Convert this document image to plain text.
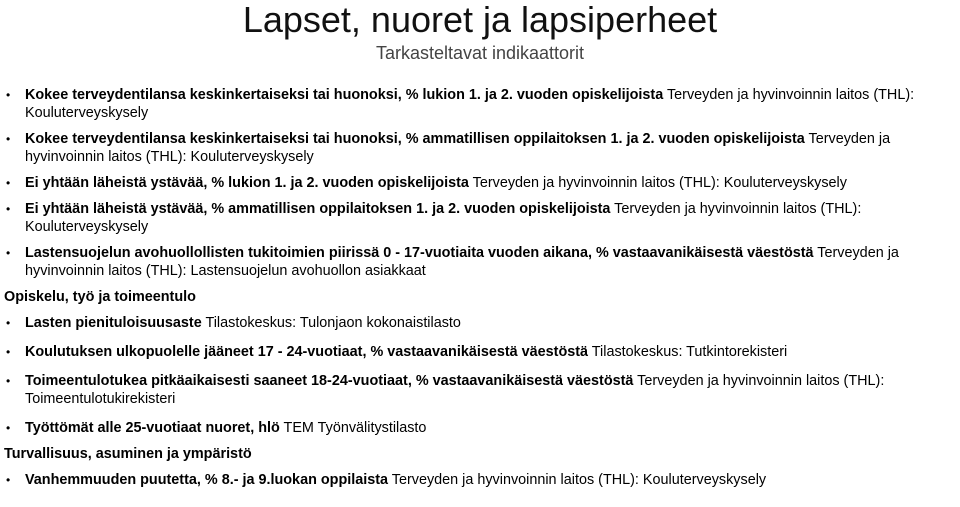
Lapset, nuoret ja lapsiperheet
Tarkasteltavat indikaattorit
• Kokee terveydentilansa keskinkertaiseksi tai huonoksi, % lukion 1. ja 2. vuoden opiskelijoista Terveyden ja hyvinvoinnin laitos (THL): Kouluterveyskysely
• Kokee terveydentilansa keskinkertaiseksi tai huonoksi, % ammatillisen oppilaitoksen 1. ja 2. vuoden opiskelijoista Terveyden ja hyvinvoinnin laitos (THL): Kouluterveyskysely
• Ei yhtään läheistä ystävää, % lukion 1. ja 2. vuoden opiskelijoista Terveyden ja hyvinvoinnin laitos (THL): Kouluterveyskysely
• Ei yhtään läheistä ystävää, % ammatillisen oppilaitoksen 1. ja 2. vuoden opiskelijoista Terveyden ja hyvinvoinnin laitos (THL): Kouluterveyskysely
• Lastensuojelun avohuollollisten tukitoimien piirissä 0 - 17-vuotiaita vuoden aikana, % vastaavanikäisestä väestöstä Terveyden ja hyvinvoinnin laitos (THL): Lastensuojelun avohuollon asiakkaat
Opiskelu, työ ja toimeentulo
• Lasten pienituloisuusaste Tilastokeskus: Tulonjaon kokonaistilasto
• Koulutuksen ulkopuolelle jääneet 17 - 24-vuotiaat, % vastaavanikäisestä väestöstä Tilastokeskus: Tutkintorekisteri
• Toimeentulotukea pitkäaikaisesti saaneet 18-24-vuotiaat, % vastaavanikäisestä väestöstä Terveyden ja hyvinvoinnin laitos (THL): Toimeentulotukirekisteri
• Työttömät alle 25-vuotiaat nuoret, hlö TEM Työnvälitystilasto
Turvallisuus, asuminen ja ympäristö
• Vanhemmuuden puutetta, % 8.- ja 9.luokan oppilaista Terveyden ja hyvinvoinnin laitos (THL): Kouluterveyskysely
